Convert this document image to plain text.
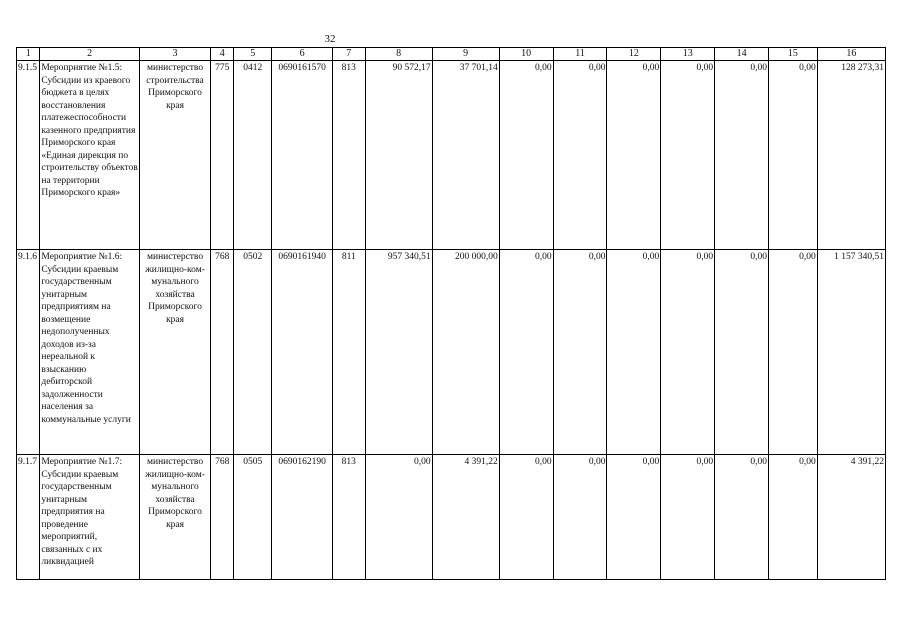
32
1	2	3	4	5	6	7	8	9	10	11	12	13	14	15	16
9.1.5	Мероприятие №1.5: Субсидии из краевого бюджета в целях восстановления платежеспособности казенного предприятия Приморского края «Единая дирекция по строительству объектов на территории Приморского края»	министерство строительства Приморского края	775	0412	0690161570	813	90 572,17	37 701,14	0,00	0,00	0,00	0,00	0,00	0,00	128 273,31
9.1.6	Мероприятие №1.6: Субсидии краевым государственным унитарным предприятиям на возмещение недополученных доходов из-за нереальной к взысканию дебиторской задолженности населения за коммунальные услуги	министерство жилищно-ком-мунального хозяйства Приморского края	768	0502	0690161940	811	957 340,51	200 000,00	0,00	0,00	0,00	0,00	0,00	0,00	1 157 340,51
9.1.7	Мероприятие №1.7: Субсидии краевым государственным унитарным предприятия на проведение мероприятий, связанных с их ликвидацией	министерство жилищно-ком-мунального хозяйства Приморского края	768	0505	0690162190	813	0,00	4 391,22	0,00	0,00	0,00	0,00	0,00	0,00	4 391,22
